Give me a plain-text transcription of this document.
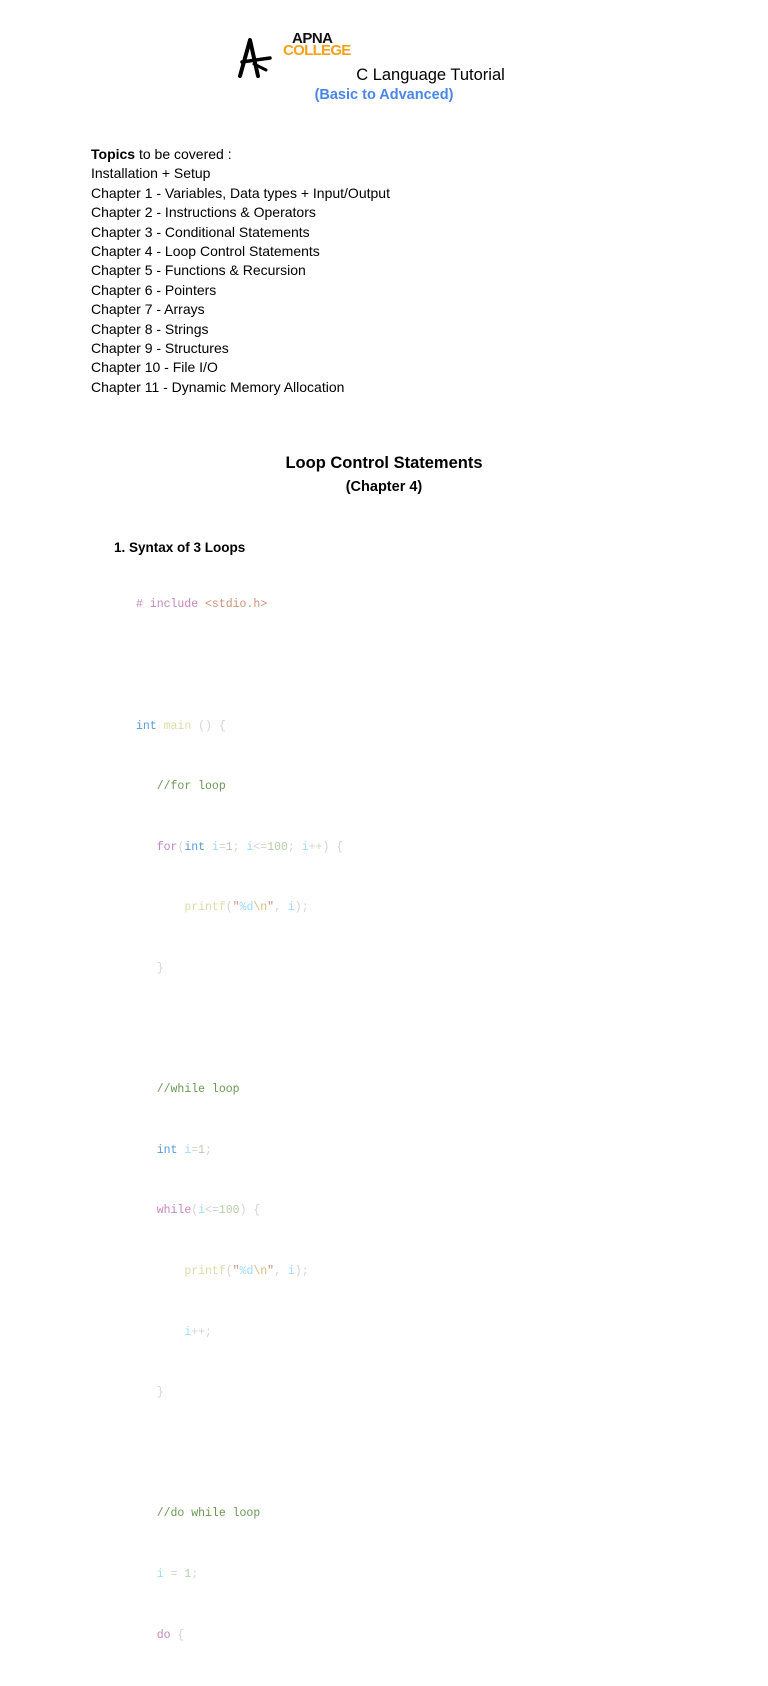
APNA
COLLEGE
C Language Tutorial
(Basic to Advanced)
Topics to be covered :
Installation + Setup
Chapter 1 - Variables, Data types + Input/Output
Chapter 2 - Instructions & Operators
Chapter 3 - Conditional Statements
Chapter 4 - Loop Control Statements
Chapter 5 - Functions & Recursion
Chapter 6 - Pointers
Chapter 7 - Arrays
Chapter 8 - Strings
Chapter 9 - Structures
Chapter 10 - File I/O
Chapter 11 - Dynamic Memory Allocation
Loop Control Statements
(Chapter 4)
1. Syntax of 3 Loops

# include <stdio.h>

int main () {

//for loop

for(int i=1; i<=100; i++) {

printf("%d\n", i);

}

//while loop

int i=1;

while(i<=100) {

printf("%d\n", i);

i++;

}

//do while loop

i = 1;

do {
